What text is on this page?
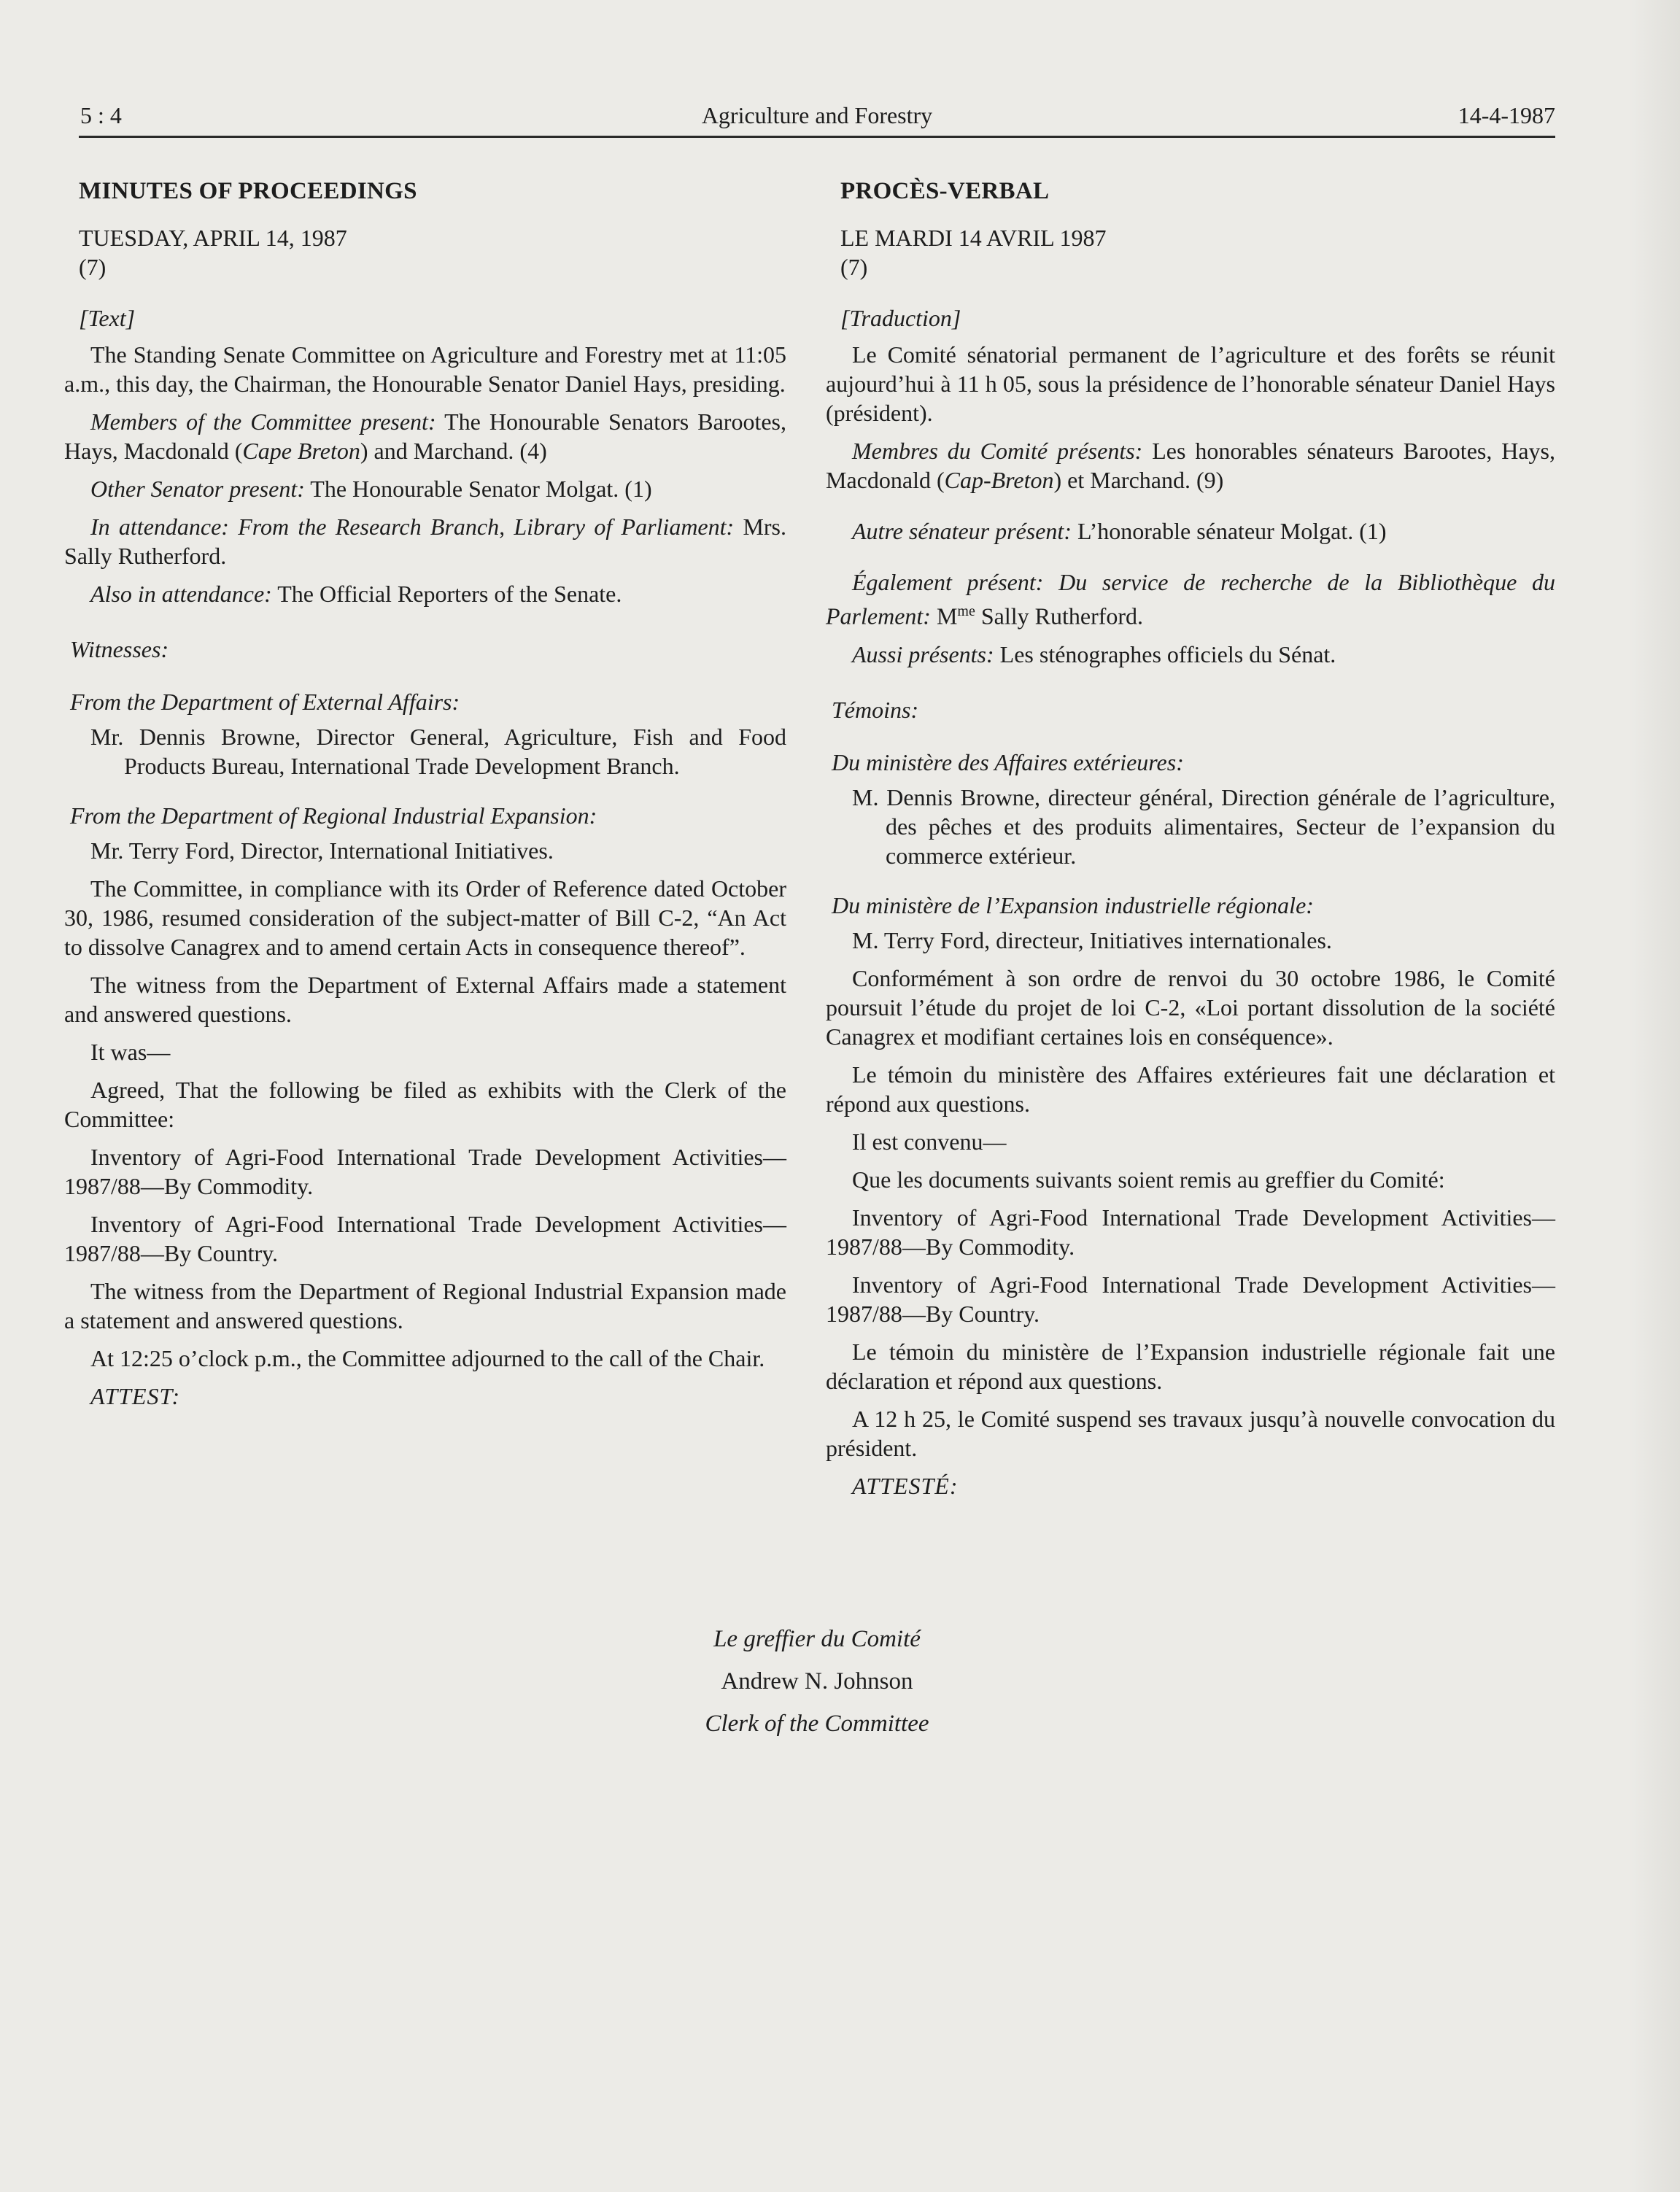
5 : 4	Agriculture and Forestry	14-4-1987
MINUTES OF PROCEEDINGS
TUESDAY, APRIL 14, 1987
(7)
[Text]

The Standing Senate Committee on Agriculture and Forestry met at 11:05 a.m., this day, the Chairman, the Honourable Senator Daniel Hays, presiding.

Members of the Committee present: The Honourable Senators Barootes, Hays, Macdonald (Cape Breton) and Marchand. (4)

Other Senator present: The Honourable Senator Molgat. (1)

In attendance: From the Research Branch, Library of Parliament: Mrs. Sally Rutherford.

Also in attendance: The Official Reporters of the Senate.

Witnesses:
From the Department of External Affairs:
Mr. Dennis Browne, Director General, Agriculture, Fish and Food Products Bureau, International Trade Development Branch.
From the Department of Regional Industrial Expansion:

Mr. Terry Ford, Director, International Initiatives.

The Committee, in compliance with its Order of Reference dated October 30, 1986, resumed consideration of the subject-matter of Bill C-2, “An Act to dissolve Canagrex and to amend certain Acts in consequence thereof”.

The witness from the Department of External Affairs made a statement and answered questions.

It was—

Agreed, That the following be filed as exhibits with the Clerk of the Committee:

Inventory of Agri-Food International Trade Development Activities—1987/88—By Commodity.

Inventory of Agri-Food International Trade Development Activities—1987/88—By Country.

The witness from the Department of Regional Industrial Expansion made a statement and answered questions.

At 12:25 o’clock p.m., the Committee adjourned to the call of the Chair.

ATTEST:
PROCÈS-VERBAL
LE MARDI 14 AVRIL 1987
(7)
[Traduction]

Le Comité sénatorial permanent de l’agriculture et des forêts se réunit aujourd’hui à 11 h 05, sous la présidence de l’honorable sénateur Daniel Hays (président).

Membres du Comité présents: Les honorables sénateurs Barootes, Hays, Macdonald (Cap-Breton) et Marchand. (9)

Autre sénateur présent: L’honorable sénateur Molgat. (1)

Également présent: Du service de recherche de la Bibliothèque du Parlement: $M^{me}$ Sally Rutherford.

Aussi présents: Les sténographes officiels du Sénat.

Témoins:
Du ministère des Affaires extérieures:
M. Dennis Browne, directeur général, Direction générale de l’agriculture, des pêches et des produits alimentaires, Secteur de l’expansion du commerce extérieur.
Du ministère de l’Expansion industrielle régionale:

M. Terry Ford, directeur, Initiatives internationales.

Conformément à son ordre de renvoi du 30 octobre 1986, le Comité poursuit l’étude du projet de loi C-2, «Loi portant dissolution de la société Canagrex et modifiant certaines lois en conséquence».

Le témoin du ministère des Affaires extérieures fait une déclaration et répond aux questions.

Il est convenu—

Que les documents suivants soient remis au greffier du Comité:

Inventory of Agri-Food International Trade Development Activities—1987/88—By Commodity.

Inventory of Agri-Food International Trade Development Activities—1987/88—By Country.

Le témoin du ministère de l’Expansion industrielle régionale fait une déclaration et répond aux questions.

A 12 h 25, le Comité suspend ses travaux jusqu’à nouvelle convocation du président.

ATTESTÉ:
Le greffier du Comité
Andrew N. Johnson
Clerk of the Committee
